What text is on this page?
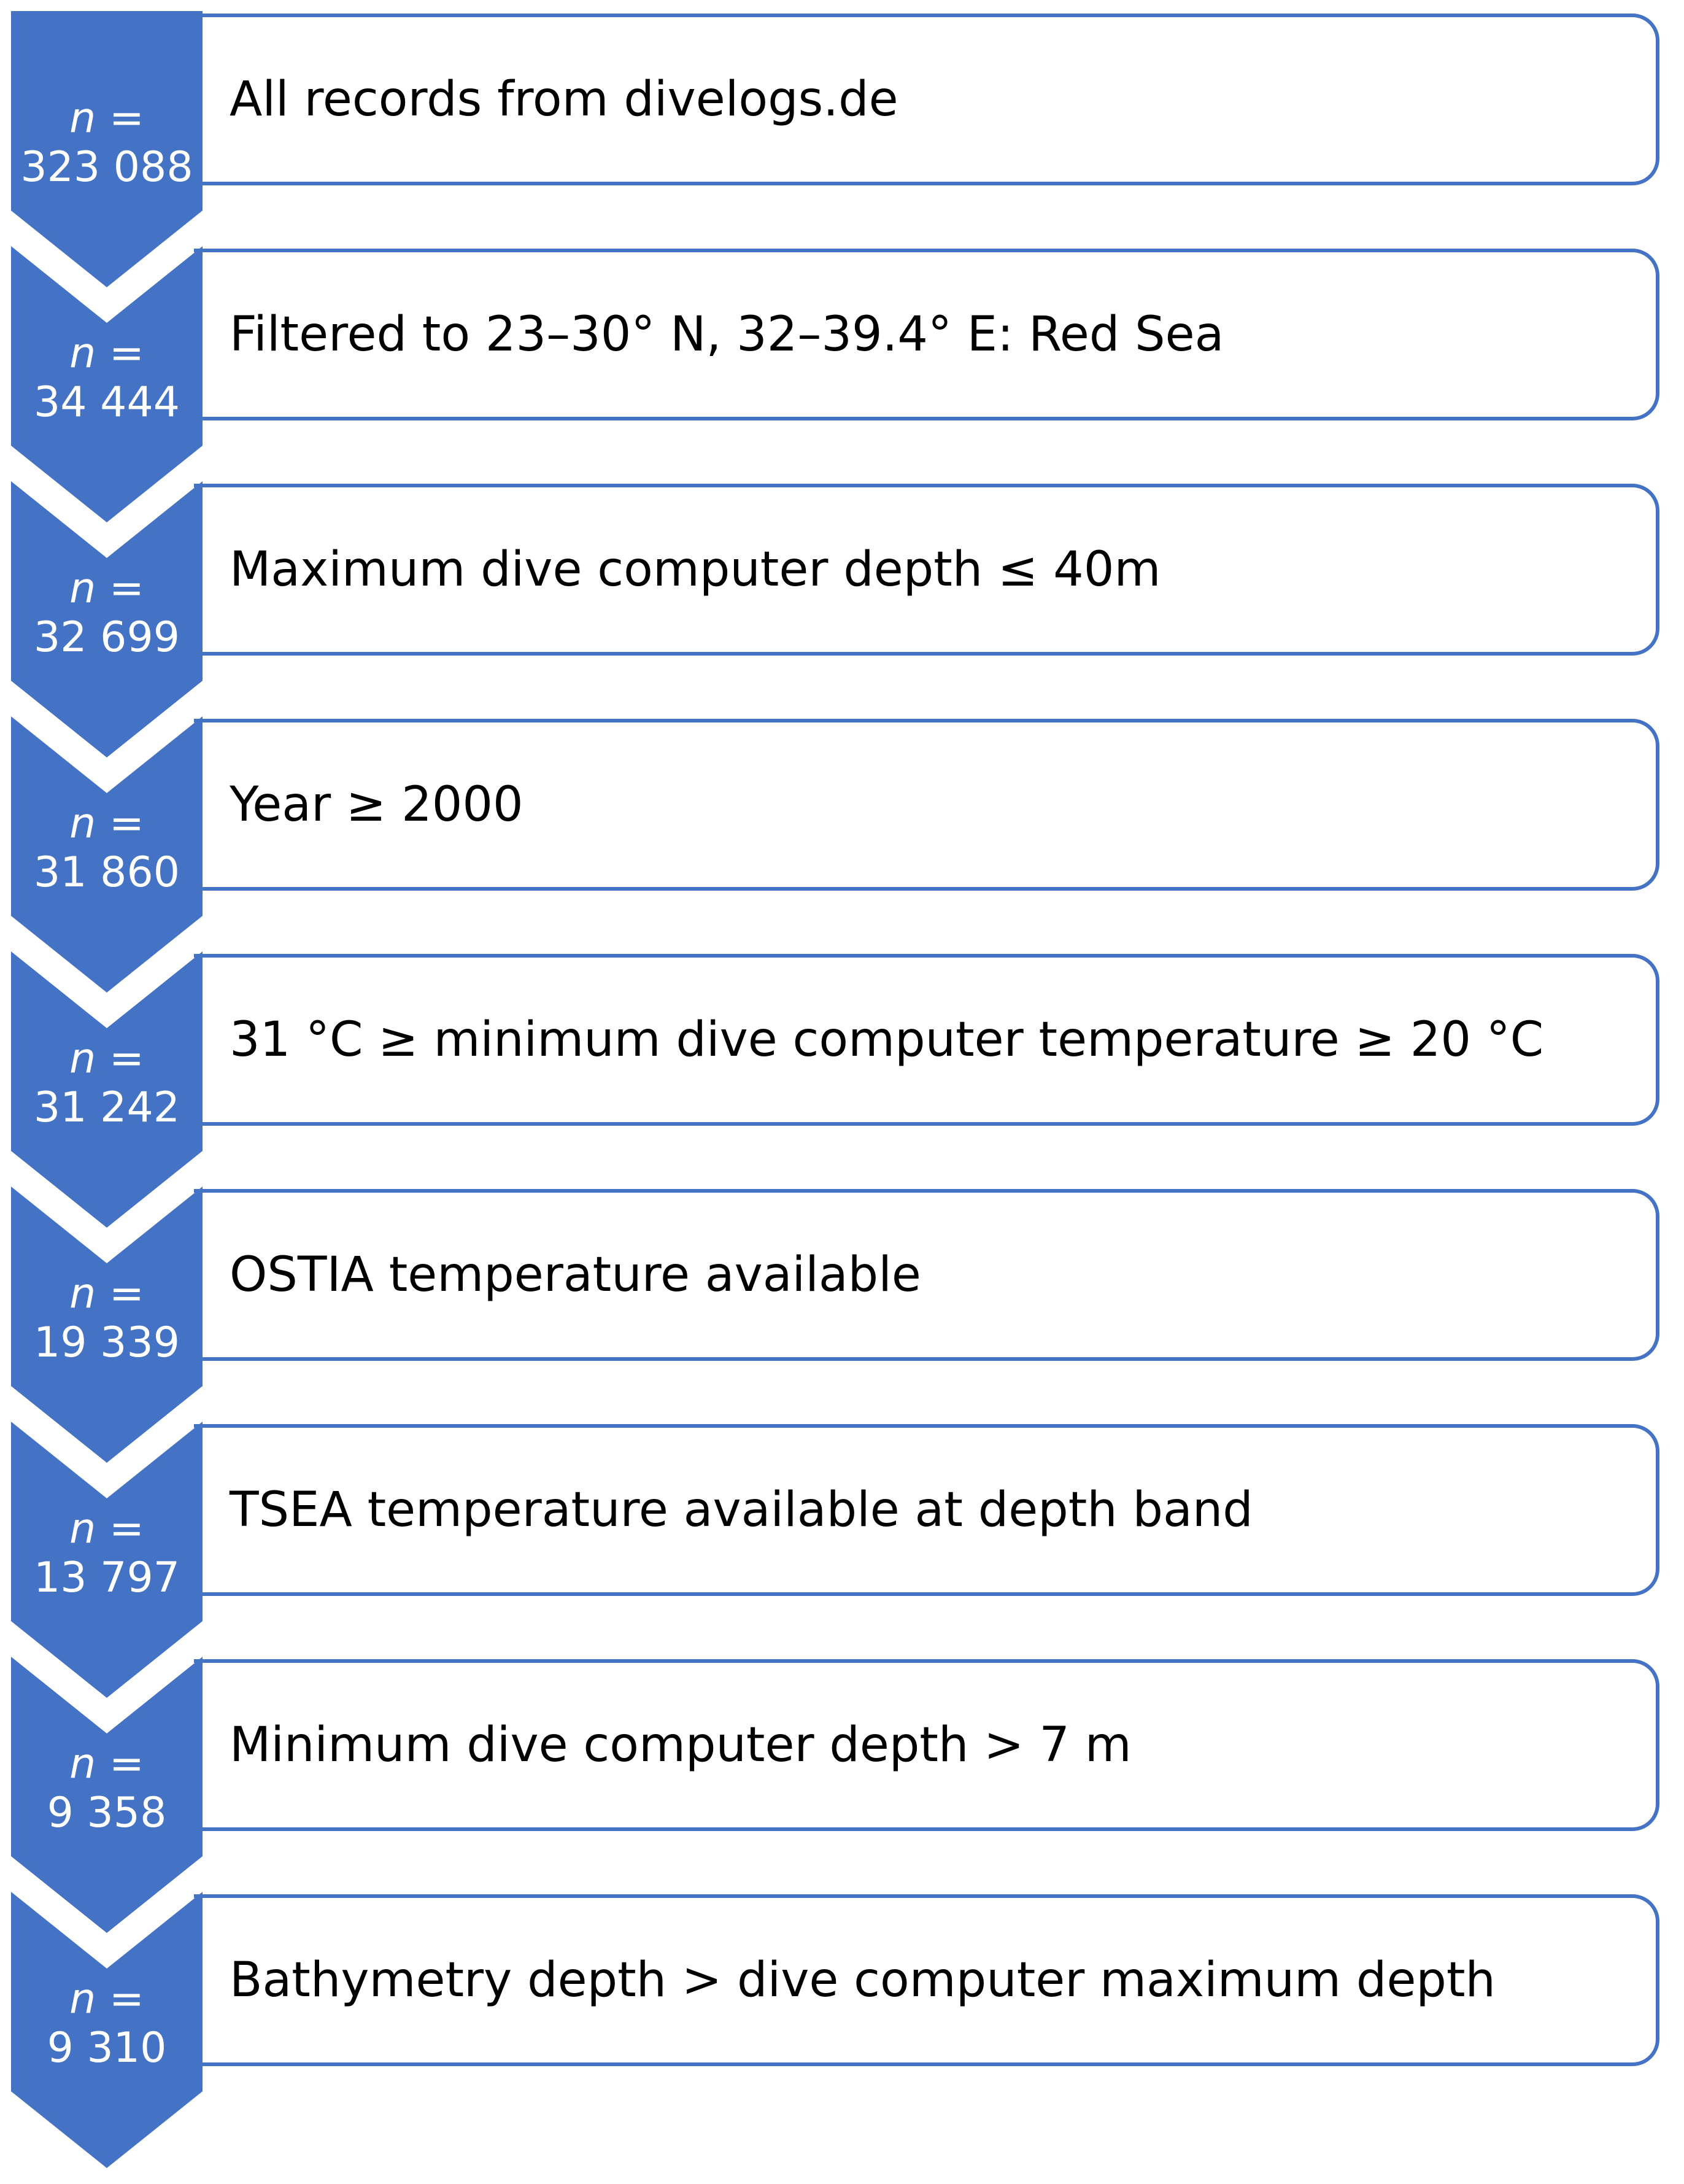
n =
323 088
All records from divelogs.de
n =
34 444
Filtered to 23–30° N, 32–39.4° E: Red Sea
n =
32 699
Maximum dive computer depth ≤ 40m
n =
31 860
Year ≥ 2000
n =
31 242
31 °C ≥ minimum dive computer temperature ≥ 20 °C
n =
19 339
OSTIA temperature available
n =
13 797
TSEA temperature available at depth band
n =
9 358
Minimum dive computer depth > 7 m
n =
9 310
Bathymetry depth > dive computer maximum depth
